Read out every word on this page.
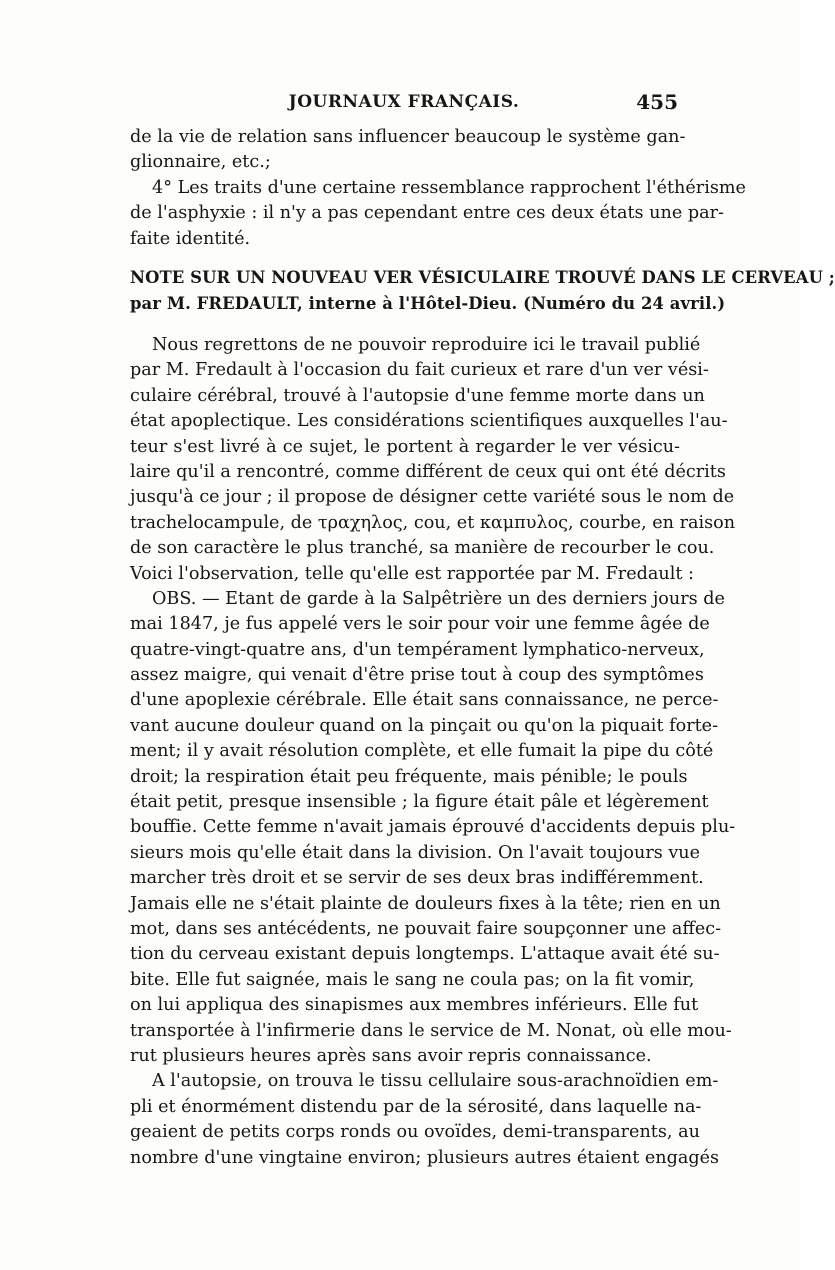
JOURNAUX FRANÇAIS.	455
de la vie de relation sans influencer beaucoup le système gan-
glionnaire, etc.;
4° Les traits d'une certaine ressemblance rapprochent l'éthérisme
de l'asphyxie : il n'y a pas cependant entre ces deux états une par-
faite identité.
NOTE SUR UN NOUVEAU VER VÉSICULAIRE TROUVÉ DANS LE CERVEAU ;
par M. FREDAULT, interne à l'Hôtel-Dieu. (Numéro du 24 avril.)
Nous regrettons de ne pouvoir reproduire ici le travail publié
par M. Fredault à l'occasion du fait curieux et rare d'un ver vési-
culaire cérébral, trouvé à l'autopsie d'une femme morte dans un
état apoplectique. Les considérations scientifiques auxquelles l'au-
teur s'est livré à ce sujet, le portent à regarder le ver vésicu-
laire qu'il a rencontré, comme différent de ceux qui ont été décrits
jusqu'à ce jour ; il propose de désigner cette variété sous le nom de
trachelocampule, de τραχηλος, cou, et καμπυλος, courbe, en raison
de son caractère le plus tranché, sa manière de recourber le cou.
Voici l'observation, telle qu'elle est rapportée par M. Fredault :
OBS. — Etant de garde à la Salpêtrière un des derniers jours de
mai 1847, je fus appelé vers le soir pour voir une femme âgée de
quatre-vingt-quatre ans, d'un tempérament lymphatico-nerveux,
assez maigre, qui venait d'être prise tout à coup des symptômes
d'une apoplexie cérébrale. Elle était sans connaissance, ne perce-
vant aucune douleur quand on la pinçait ou qu'on la piquait forte-
ment; il y avait résolution complète, et elle fumait la pipe du côté
droit; la respiration était peu fréquente, mais pénible; le pouls
était petit, presque insensible ; la figure était pâle et légèrement
bouffie. Cette femme n'avait jamais éprouvé d'accidents depuis plu-
sieurs mois qu'elle était dans la division. On l'avait toujours vue
marcher très droit et se servir de ses deux bras indifféremment.
Jamais elle ne s'était plainte de douleurs fixes à la tête; rien en un
mot, dans ses antécédents, ne pouvait faire soupçonner une affec-
tion du cerveau existant depuis longtemps. L'attaque avait été su-
bite. Elle fut saignée, mais le sang ne coula pas; on la fit vomir,
on lui appliqua des sinapismes aux membres inférieurs. Elle fut
transportée à l'infirmerie dans le service de M. Nonat, où elle mou-
rut plusieurs heures après sans avoir repris connaissance.
A l'autopsie, on trouva le tissu cellulaire sous-arachnoïdien em-
pli et énormément distendu par de la sérosité, dans laquelle na-
geaient de petits corps ronds ou ovoïdes, demi-transparents, au
nombre d'une vingtaine environ; plusieurs autres étaient engagés
